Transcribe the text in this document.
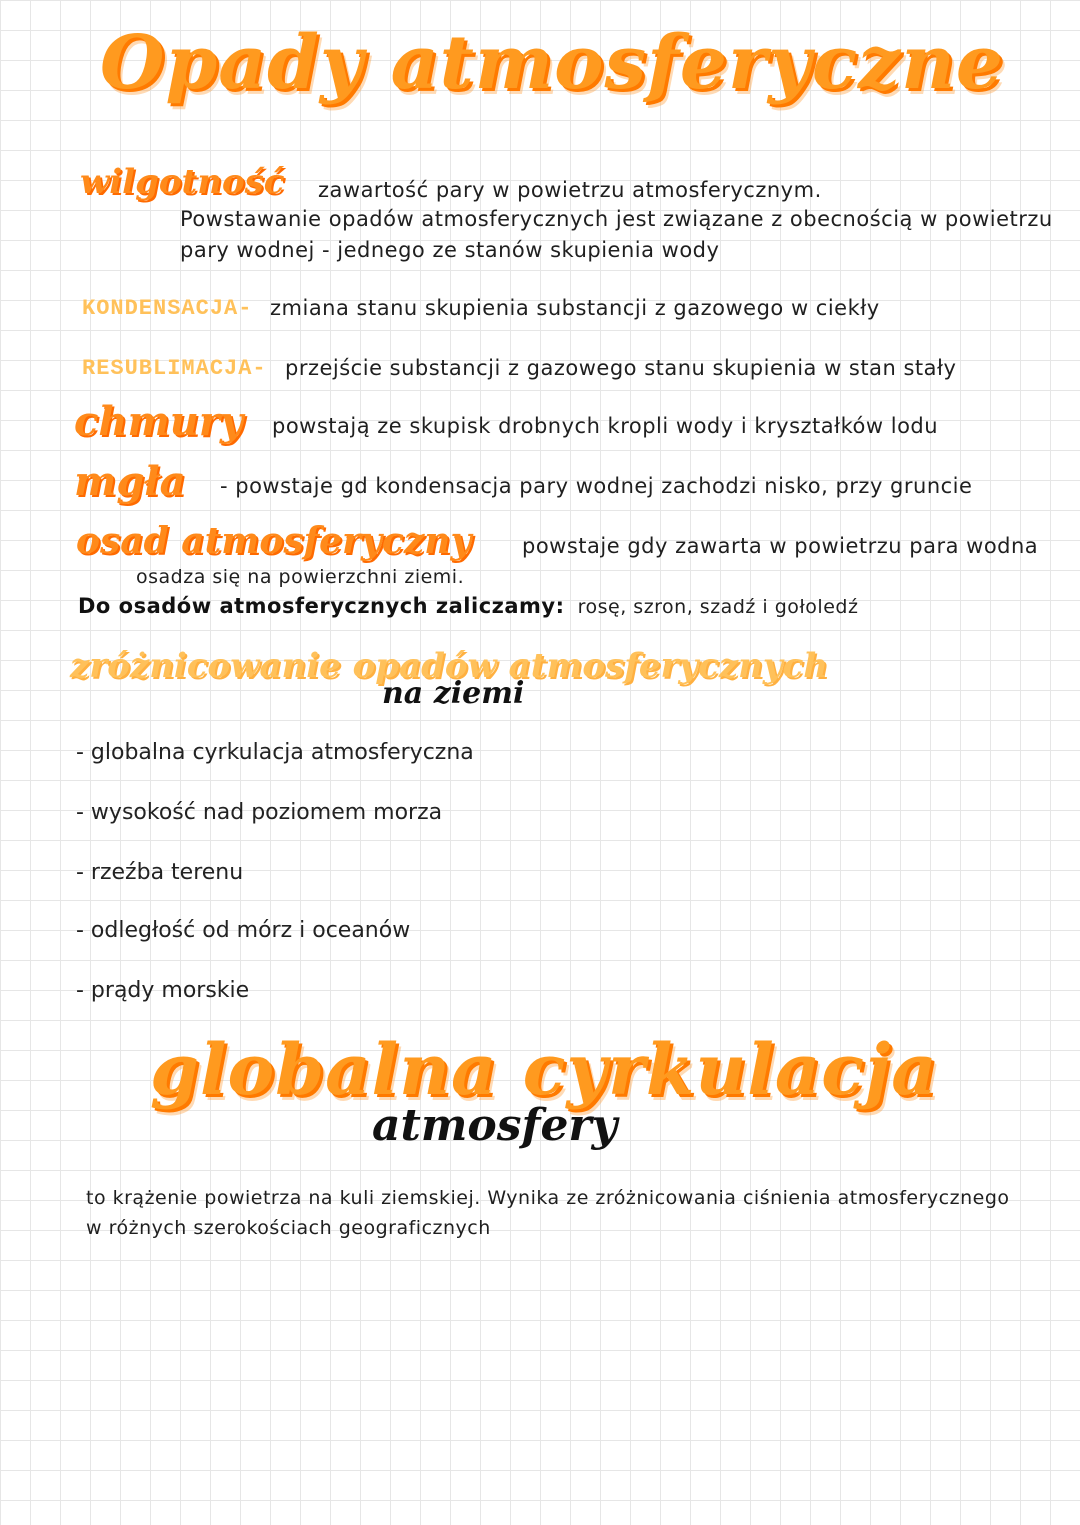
Opady atmosferyczne
wilgotność zawartość pary w powietrzu atmosferycznym.
Powstawanie opadów atmosferycznych jest związane z obecnością w powietrzu
pary wodnej - jednego ze stanów skupienia wody
KONDENSACJA- zmiana stanu skupienia substancji z gazowego w ciekły
RESUBLIMACJA- przejście substancji z gazowego stanu skupienia w stan stały
chmury powstają ze skupisk drobnych kropli wody i kryształków lodu
mgła - powstaje gd kondensacja pary wodnej zachodzi nisko, przy gruncie
osad atmosferyczny powstaje gdy zawarta w powietrzu para wodna
osadza się na powierzchni ziemi.
Do osadów atmosferycznych zaliczamy: rosę, szron, szadź i gołoledź
zróżnicowanie opadów atmosferycznych
na ziemi
- globalna cyrkulacja atmosferyczna
- wysokość nad poziomem morza
- rzeźba terenu
- odległość od mórz i oceanów
- prądy morskie
globalna cyrkulacja
atmosfery
to krążenie powietrza na kuli ziemskiej. Wynika ze zróżnicowania ciśnienia atmosferycznego
w różnych szerokościach geograficznych
